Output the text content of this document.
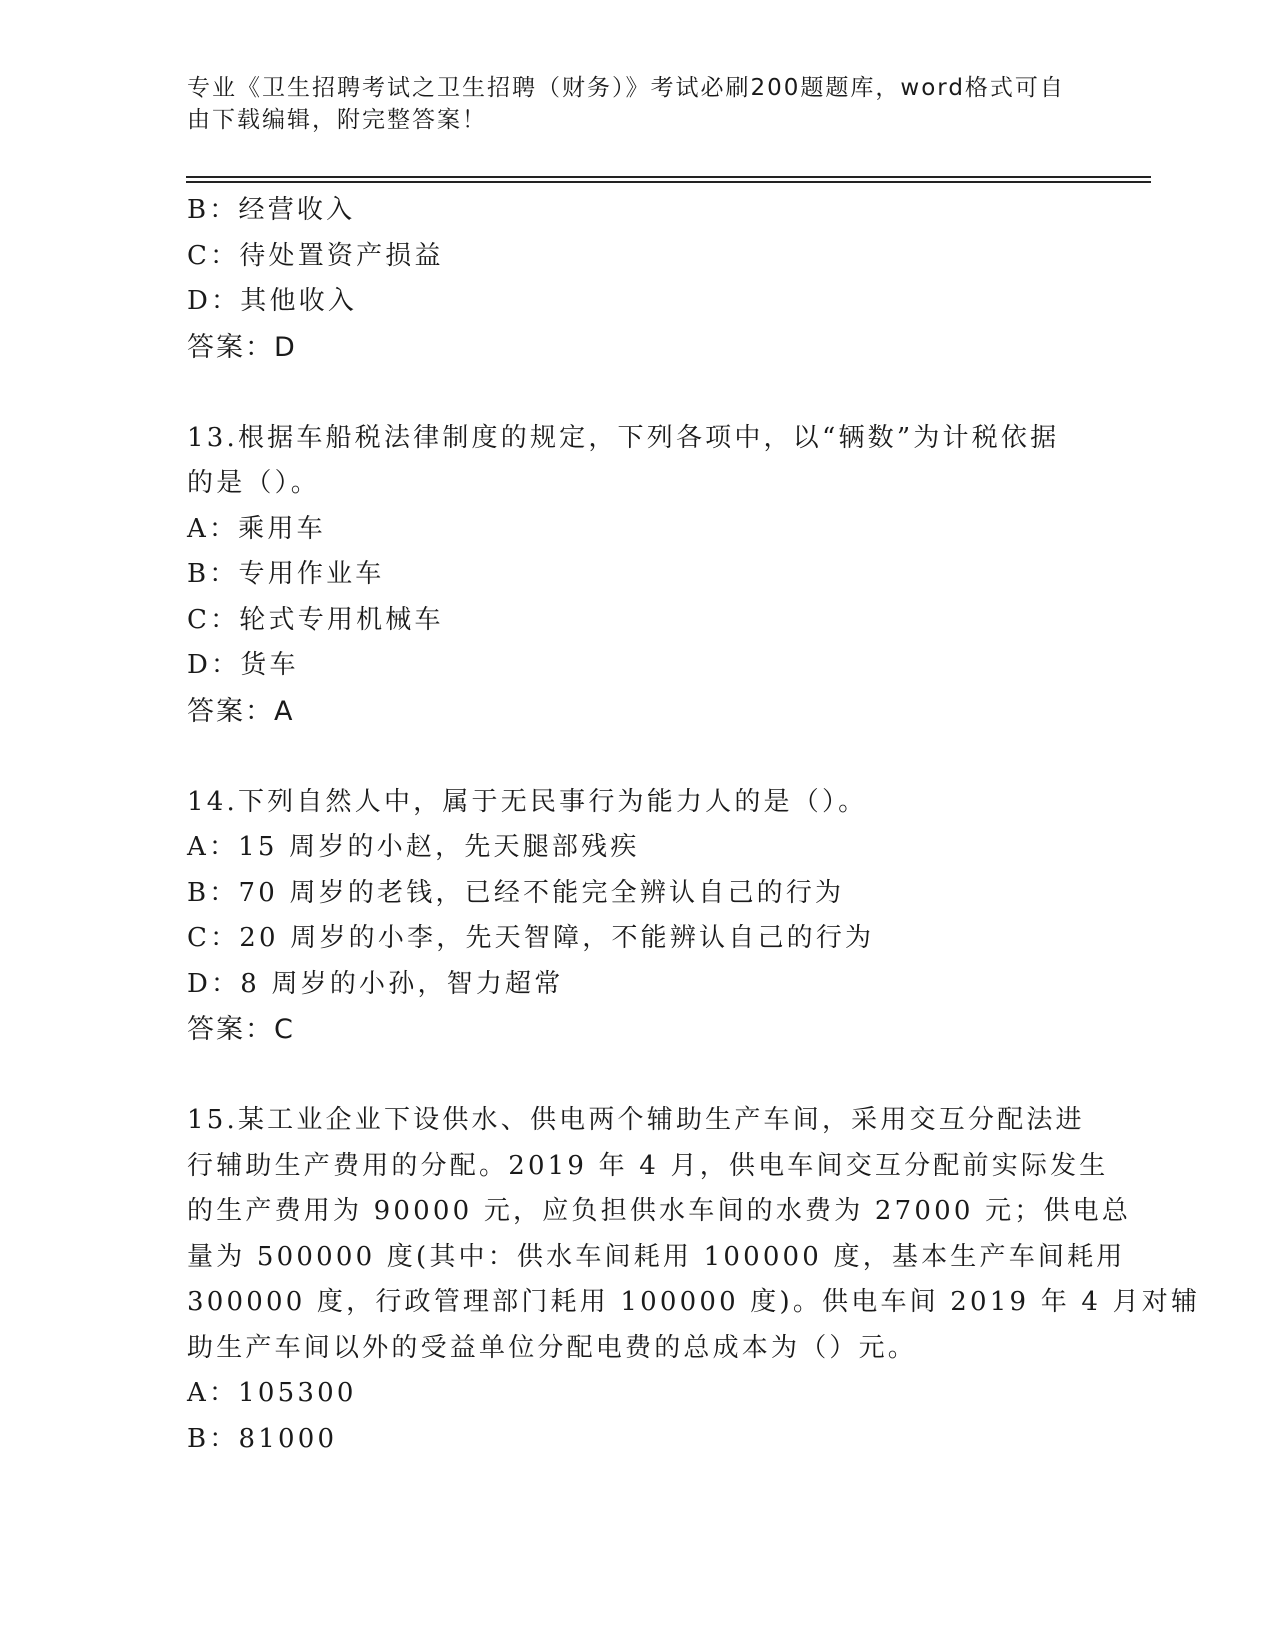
专业《卫生招聘考试之卫生招聘（财务）》考试必刷200题题库，word格式可自由下载编辑，附完整答案！
B：经营收入
C：待处置资产损益
D：其他收入
答案：D
13.根据车船税法律制度的规定，下列各项中，以“辆数”为计税依据
的是（）。
A：乘用车
B：专用作业车
C：轮式专用机械车
D：货车
答案：A
14.下列自然人中，属于无民事行为能力人的是（）。
A：15 周岁的小赵，先天腿部残疾
B：70 周岁的老钱，已经不能完全辨认自己的行为
C：20 周岁的小李，先天智障，不能辨认自己的行为
D：8 周岁的小孙，智力超常
答案：C
15.某工业企业下设供水、供电两个辅助生产车间，采用交互分配法进
行辅助生产费用的分配。2019 年 4 月，供电车间交互分配前实际发生
的生产费用为 90000 元，应负担供水车间的水费为 27000 元；供电总
量为 500000 度(其中：供水车间耗用 100000 度，基本生产车间耗用
300000 度，行政管理部门耗用 100000 度)。供电车间 2019 年 4 月对辅
助生产车间以外的受益单位分配电费的总成本为（）元。
A：105300
B：81000
